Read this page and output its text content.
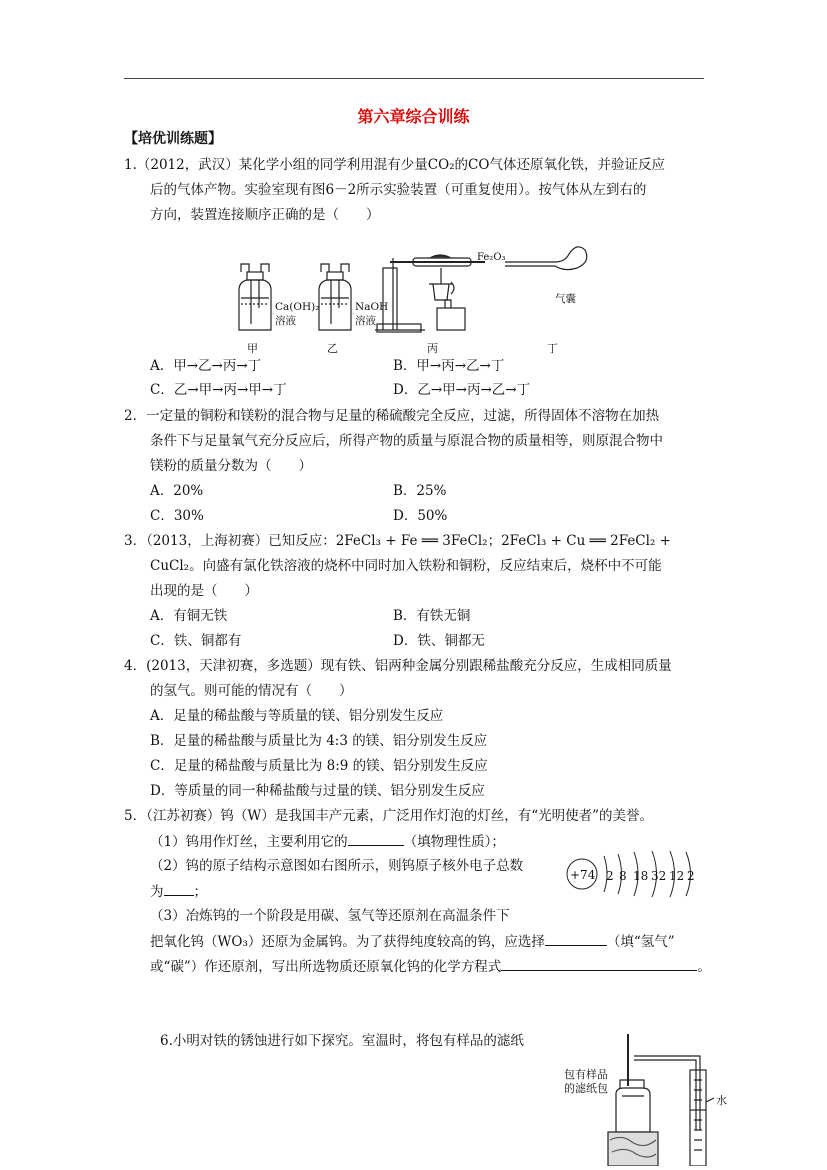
第六章综合训练
【培优训练题】
1.（2012，武汉）某化学小组的同学利用混有少量CO₂的CO气体还原氧化铁，并验证反应
后的气体产物。实验室现有图6－2所示实验装置（可重复使用）。按气体从左到右的
方向，装置连接顺序正确的是（　　）
Fe₂O₃
Ca(OH)₂
溶液
NaOH
溶液
气囊
甲	乙	丙	丁
A．甲→乙→丙→丁	B．甲→丙→乙→丁
C．乙→甲→丙→甲→丁	D．乙→甲→丙→乙→丁
2．一定量的铜粉和镁粉的混合物与足量的稀硫酸完全反应，过滤，所得固体不溶物在加热
条件下与足量氧气充分反应后，所得产物的质量与原混合物的质量相等，则原混合物中
镁粉的质量分数为（　　）
A．20%	B．25%
C．30%	D．50%
3．（2013，上海初赛）已知反应：2FeCl₃ + Fe ══ 3FeCl₂；2FeCl₃ + Cu ══ 2FeCl₂ +
CuCl₂。向盛有氯化铁溶液的烧杯中同时加入铁粉和铜粉，反应结束后，烧杯中不可能
出现的是（　　）
A．有铜无铁	B．有铁无铜
C．铁、铜都有	D．铁、铜都无
4．(2013，天津初赛，多选题）现有铁、铝两种金属分别跟稀盐酸充分反应，生成相同质量
的氢气。则可能的情况有（　　）
A．足量的稀盐酸与等质量的镁、铝分别发生反应
B．足量的稀盐酸与质量比为 4:3 的镁、铝分别发生反应
C．足量的稀盐酸与质量比为 8:9 的镁、铝分别发生反应
D．等质量的同一种稀盐酸与过量的镁、铝分别发生反应
5．（江苏初赛）钨（W）是我国丰产元素，广泛用作灯泡的灯丝，有“光明使者”的美誉。
（1）钨用作灯丝，主要利用它的	（填物理性质）；
（2）钨的原子结构示意图如右图所示，则钨原子核外电子总数
为 ；
+74 2 8 18 32 12 2
（3）冶炼钨的一个阶段是用碳、氢气等还原剂在高温条件下
把氧化钨（WO₃）还原为金属钨。为了获得纯度较高的钨，应选择	（填“氢气”
或“碳”）作还原剂，写出所选物质还原氧化钨的化学方程式	。
6.小明对铁的锈蚀进行如下探究。室温时，将包有样品的滤纸
包有样品
的滤纸包
水
